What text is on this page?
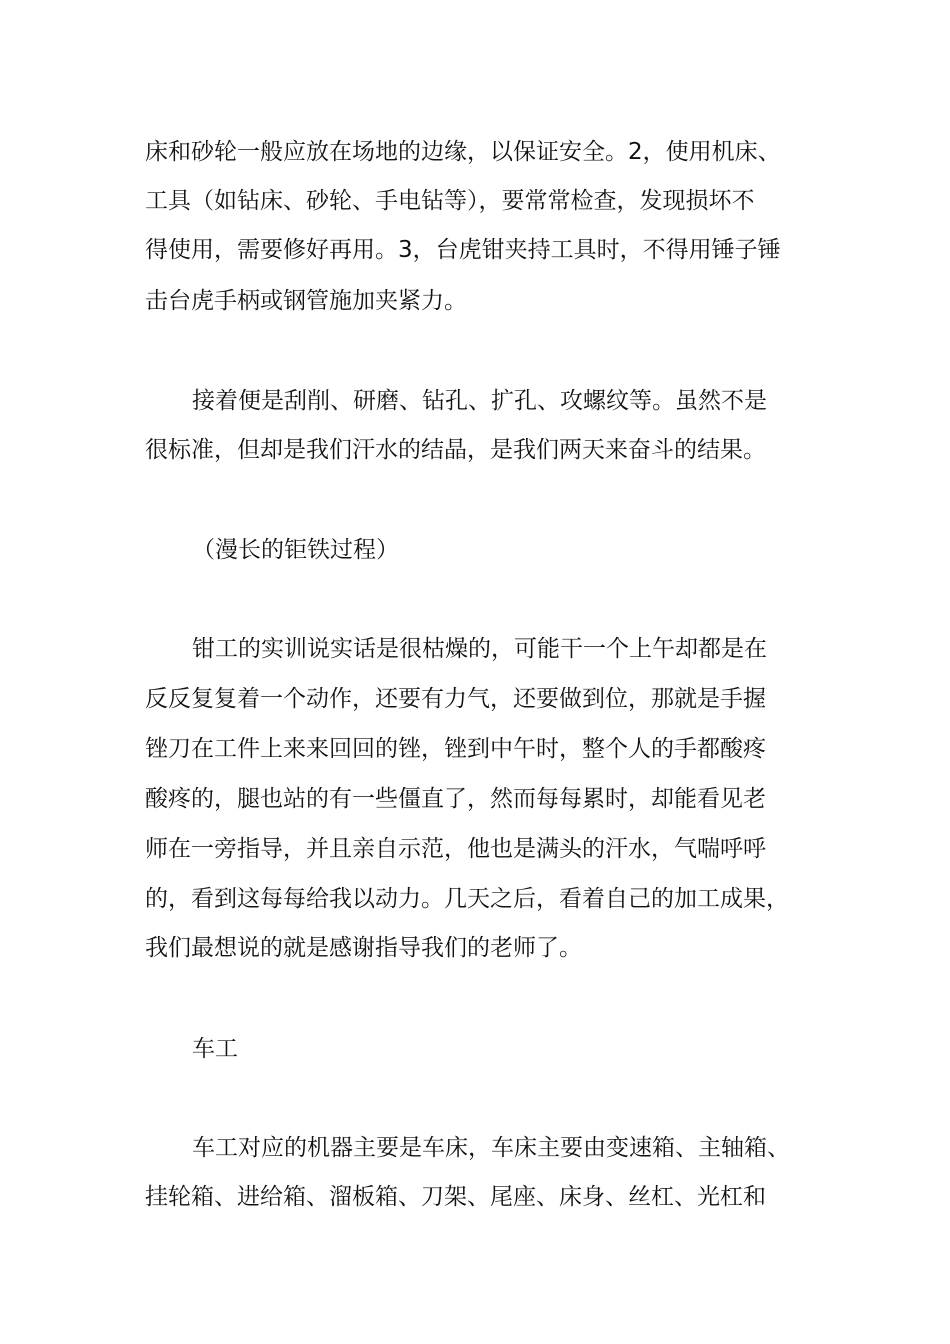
床和砂轮一般应放在场地的边缘，以保证安全。2，使用机床、
工具（如钻床、砂轮、手电钻等），要常常检查，发现损坏不
得使用，需要修好再用。3，台虎钳夹持工具时，不得用锤子锤
击台虎手柄或钢管施加夹紧力。
接着便是刮削、研磨、钻孔、扩孔、攻螺纹等。虽然不是
很标准，但却是我们汗水的结晶，是我们两天来奋斗的结果。
（漫长的钜铁过程）
钳工的实训说实话是很枯燥的，可能干一个上午却都是在
反反复复着一个动作，还要有力气，还要做到位，那就是手握
锉刀在工件上来来回回的锉，锉到中午时，整个人的手都酸疼
酸疼的，腿也站的有一些僵直了，然而每每累时，却能看见老
师在一旁指导，并且亲自示范，他也是满头的汗水，气喘呼呼
的，看到这每每给我以动力。几天之后，看着自己的加工成果，
我们最想说的就是感谢指导我们的老师了。
车工
车工对应的机器主要是车床，车床主要由变速箱、主轴箱、
挂轮箱、进给箱、溜板箱、刀架、尾座、床身、丝杠、光杠和
